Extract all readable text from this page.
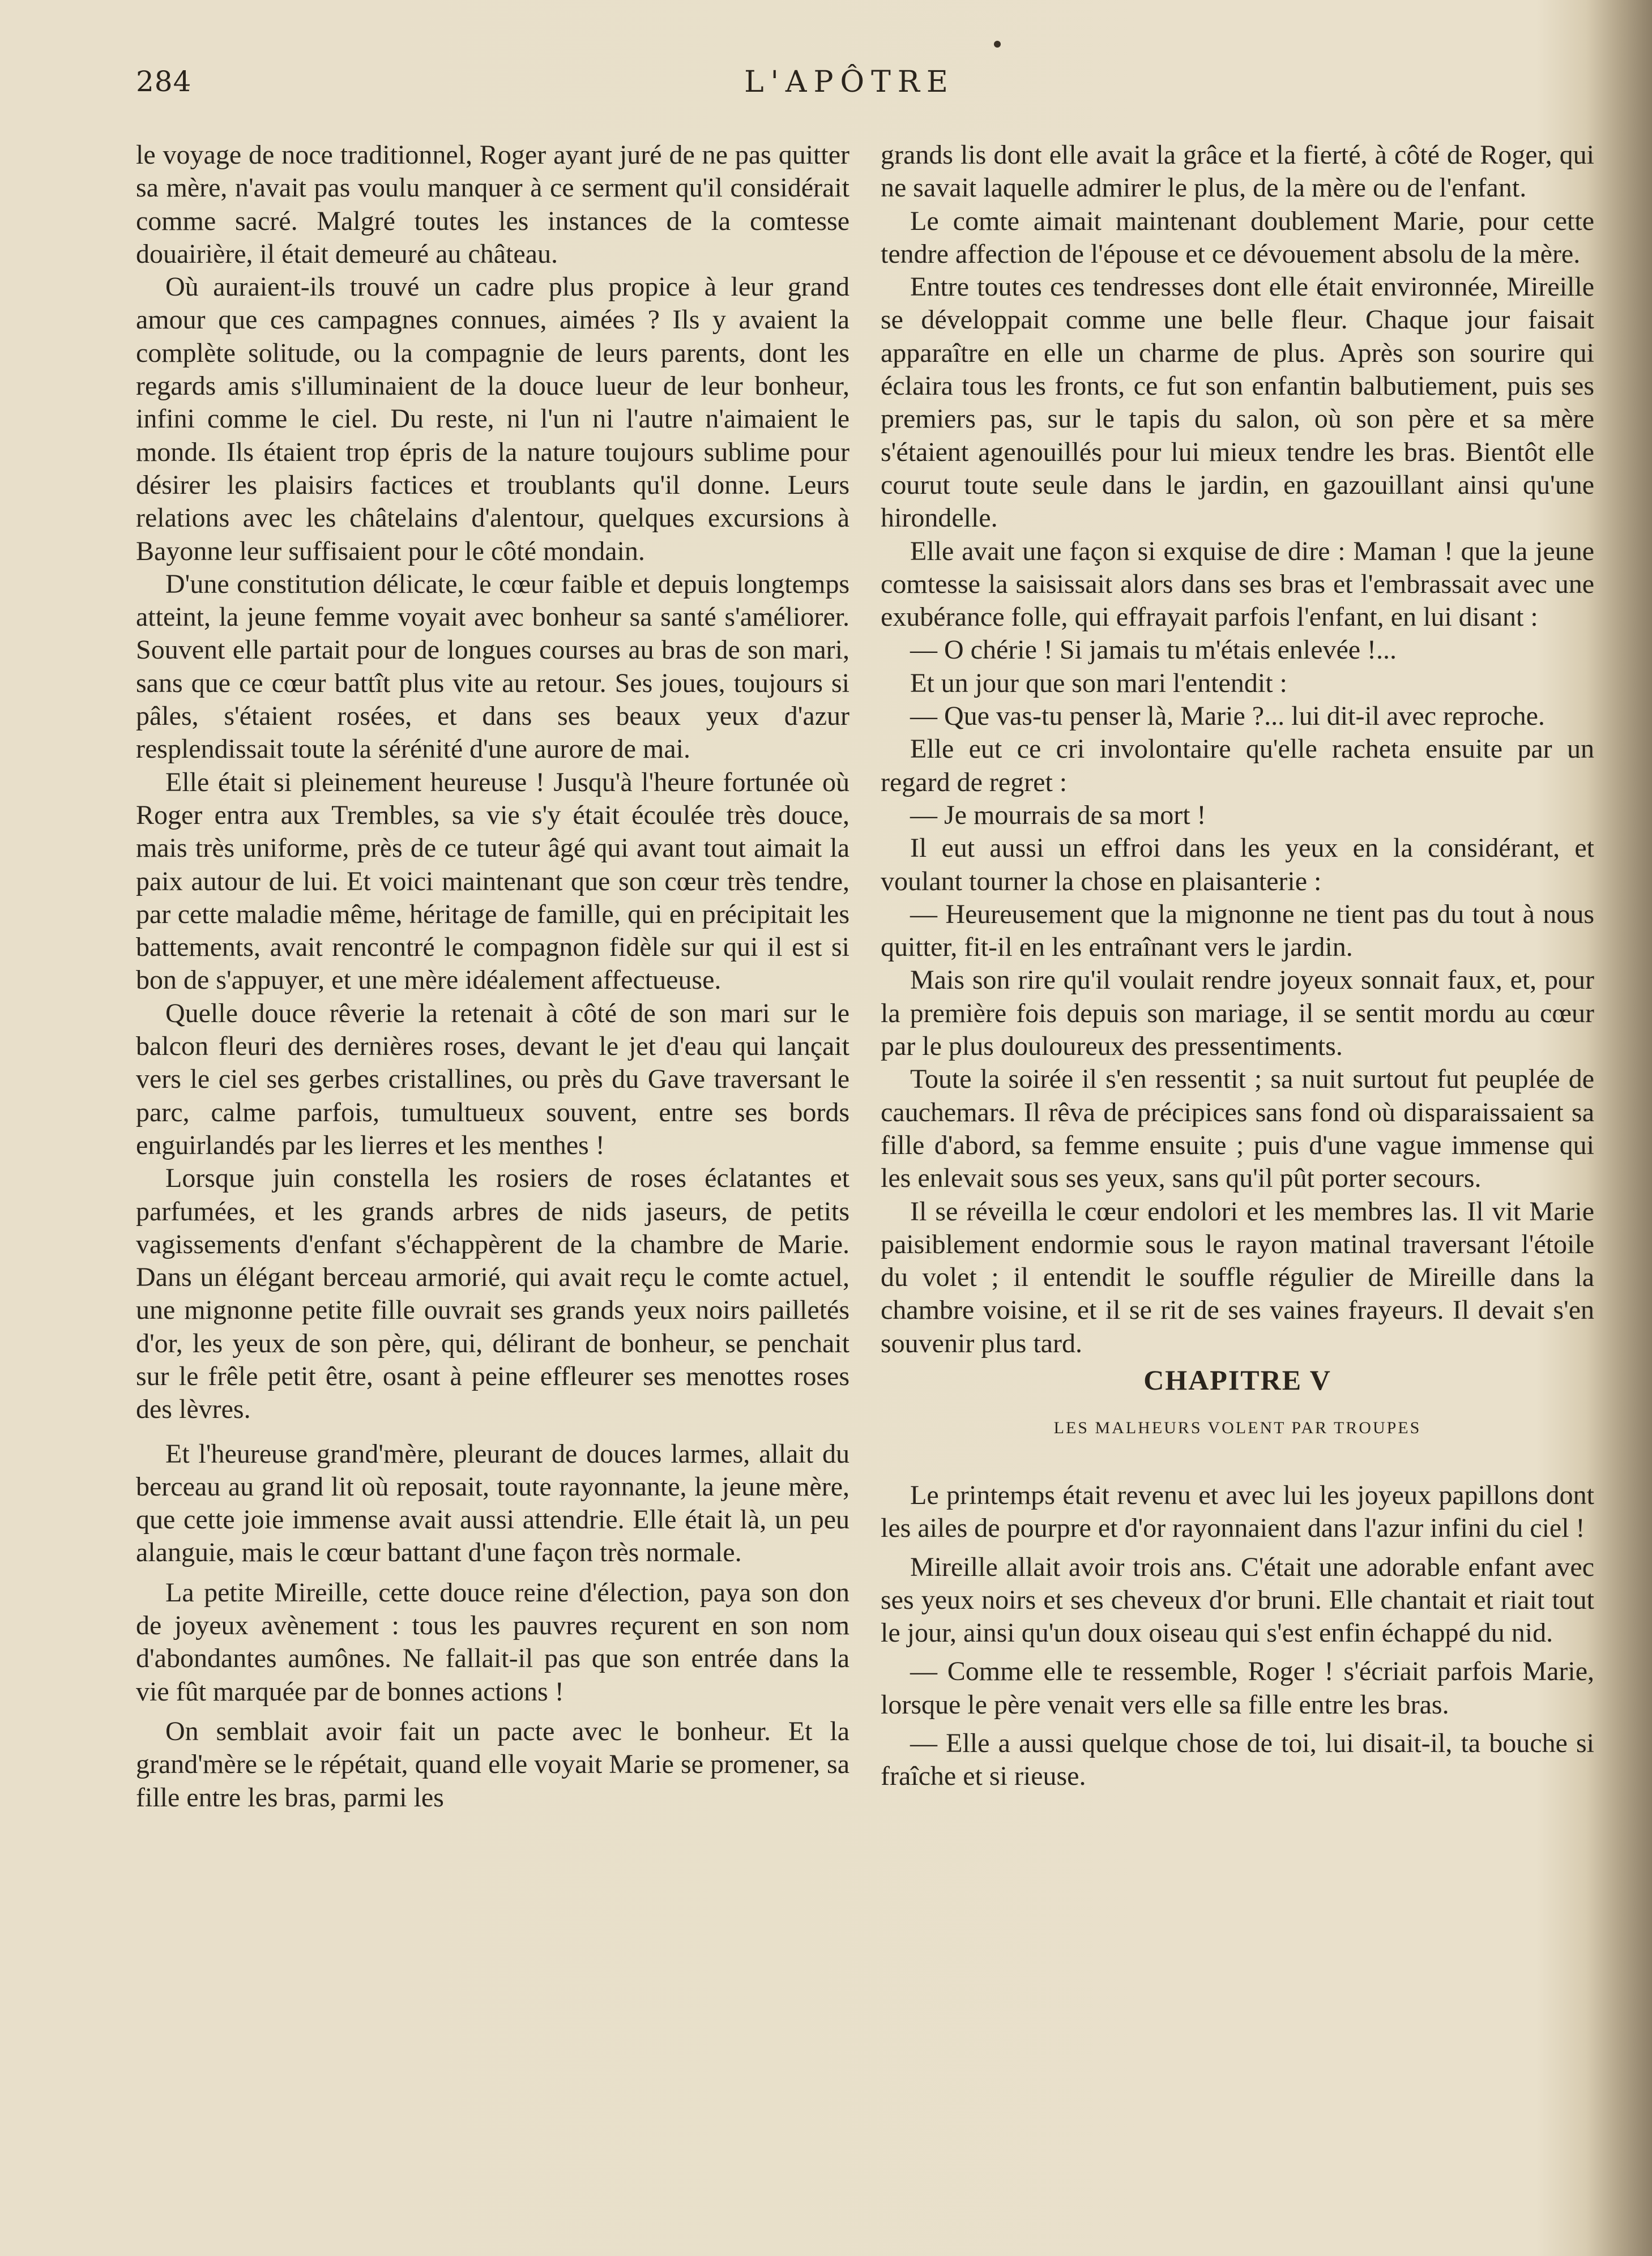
284	L'APÔTRE

le voyage de noce traditionnel, Roger ayant juré de ne pas quitter sa mère, n'avait pas voulu manquer à ce serment qu'il considérait comme sacré. Malgré toutes les instances de la comtesse douairière, il était demeuré au château.

Où auraient-ils trouvé un cadre plus propice à leur grand amour que ces campagnes connues, aimées ? Ils y avaient la complète solitude, ou la compagnie de leurs parents, dont les regards amis s'illuminaient de la douce lueur de leur bonheur, infini comme le ciel. Du reste, ni l'un ni l'autre n'aimaient le monde. Ils étaient trop épris de la nature toujours sublime pour désirer les plaisirs factices et troublants qu'il donne. Leurs relations avec les châtelains d'alentour, quelques excursions à Bayonne leur suffisaient pour le côté mondain.

D'une constitution délicate, le cœur faible et depuis longtemps atteint, la jeune femme voyait avec bonheur sa santé s'améliorer. Souvent elle partait pour de longues courses au bras de son mari, sans que ce cœur battît plus vite au retour. Ses joues, toujours si pâles, s'étaient rosées, et dans ses beaux yeux d'azur resplendissait toute la sérénité d'une aurore de mai.

Elle était si pleinement heureuse ! Jusqu'à l'heure fortunée où Roger entra aux Trembles, sa vie s'y était écoulée très douce, mais très uniforme, près de ce tuteur âgé qui avant tout aimait la paix autour de lui. Et voici maintenant que son cœur très tendre, par cette maladie même, héritage de famille, qui en précipitait les battements, avait rencontré le compagnon fidèle sur qui il est si bon de s'appuyer, et une mère idéalement affectueuse.

Quelle douce rêverie la retenait à côté de son mari sur le balcon fleuri des dernières roses, devant le jet d'eau qui lançait vers le ciel ses gerbes cristallines, ou près du Gave traversant le parc, calme parfois, tumultueux souvent, entre ses bords enguirlandés par les lierres et les menthes !

Lorsque juin constella les rosiers de roses éclatantes et parfumées, et les grands arbres de nids jaseurs, de petits vagissements d'enfant s'échappèrent de la chambre de Marie. Dans un élégant berceau armorié, qui avait reçu le comte actuel, une mignonne petite fille ouvrait ses grands yeux noirs pailletés d'or, les yeux de son père, qui, délirant de bonheur, se penchait sur le frêle petit être, osant à peine effleurer ses menottes roses des lèvres.

Et l'heureuse grand'mère, pleurant de douces larmes, allait du berceau au grand lit où reposait, toute rayonnante, la jeune mère, que cette joie immense avait aussi attendrie. Elle était là, un peu alanguie, mais le cœur battant d'une façon très normale.

La petite Mireille, cette douce reine d'élection, paya son don de joyeux avènement : tous les pauvres reçurent en son nom d'abondantes aumônes. Ne fallait-il pas que son entrée dans la vie fût marquée par de bonnes actions !

On semblait avoir fait un pacte avec le bonheur. Et la grand'mère se le répétait, quand elle voyait Marie se promener, sa fille entre les bras, parmi les

grands lis dont elle avait la grâce et la fierté, à côté de Roger, qui ne savait laquelle admirer le plus, de la mère ou de l'enfant.

Le comte aimait maintenant doublement Marie, pour cette tendre affection de l'épouse et ce dévouement absolu de la mère.

Entre toutes ces tendresses dont elle était environnée, Mireille se développait comme une belle fleur. Chaque jour faisait apparaître en elle un charme de plus. Après son sourire qui éclaira tous les fronts, ce fut son enfantin balbutiement, puis ses premiers pas, sur le tapis du salon, où son père et sa mère s'étaient agenouillés pour lui mieux tendre les bras. Bientôt elle courut toute seule dans le jardin, en gazouillant ainsi qu'une hirondelle.

Elle avait une façon si exquise de dire : Maman ! que la jeune comtesse la saisissait alors dans ses bras et l'embrassait avec une exubérance folle, qui effrayait parfois l'enfant, en lui disant :

— O chérie ! Si jamais tu m'étais enlevée !...

Et un jour que son mari l'entendit :

— Que vas-tu penser là, Marie ?... lui dit-il avec reproche.

Elle eut ce cri involontaire qu'elle racheta ensuite par un regard de regret :

— Je mourrais de sa mort !

Il eut aussi un effroi dans les yeux en la considérant, et voulant tourner la chose en plaisanterie :

— Heureusement que la mignonne ne tient pas du tout à nous quitter, fit-il en les entraînant vers le jardin.

Mais son rire qu'il voulait rendre joyeux sonnait faux, et, pour la première fois depuis son mariage, il se sentit mordu au cœur par le plus douloureux des pressentiments.

Toute la soirée il s'en ressentit ; sa nuit surtout fut peuplée de cauchemars. Il rêva de précipices sans fond où disparaissaient sa fille d'abord, sa femme ensuite ; puis d'une vague immense qui les enlevait sous ses yeux, sans qu'il pût porter secours.

Il se réveilla le cœur endolori et les membres las. Il vit Marie paisiblement endormie sous le rayon matinal traversant l'étoile du volet ; il entendit le souffle régulier de Mireille dans la chambre voisine, et il se rit de ses vaines frayeurs. Il devait s'en souvenir plus tard.

CHAPITRE V
LES MALHEURS VOLENT PAR TROUPES

Le printemps était revenu et avec lui les joyeux papillons dont les ailes de pourpre et d'or rayonnaient dans l'azur infini du ciel !

Mireille allait avoir trois ans. C'était une adorable enfant avec ses yeux noirs et ses cheveux d'or bruni. Elle chantait et riait tout le jour, ainsi qu'un doux oiseau qui s'est enfin échappé du nid.

— Comme elle te ressemble, Roger ! s'écriait parfois Marie, lorsque le père venait vers elle sa fille entre les bras.

— Elle a aussi quelque chose de toi, lui disait-il, ta bouche si fraîche et si rieuse.
